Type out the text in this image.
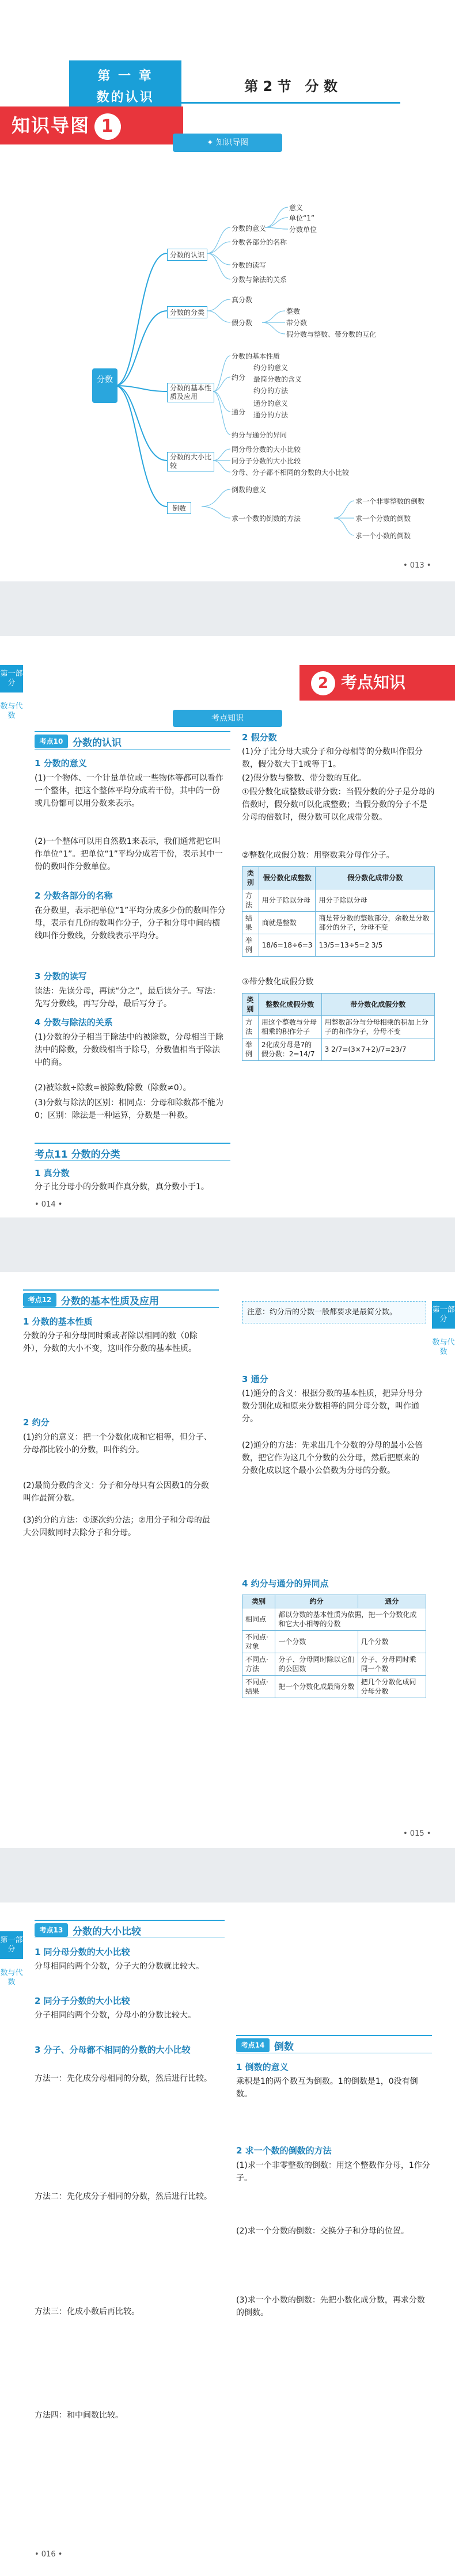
第 一 章
数的认识
第 2 节　分 数
知识导图 1
✦ 知识导图
分数
分数的认识
分数的意义
意义
单位“1”
分数单位
分数各部分的名称
分数的读写
分数与除法的关系
分数的分类
真分数
假分数
整数
带分数
假分数与整数、带分数的互化
分数的基本性质及应用
分数的基本性质
约分
约分的意义
最简分数的含义
约分的方法
通分
通分的意义
通分的方法
约分与通分的异同
分数的大小比较
同分母分数的大小比较
同分子分数的大小比较
分母、分子都不相同的分数的大小比较
倒数
倒数的意义
求一个数的倒数的方法
求一个非零整数的倒数
求一个分数的倒数
求一个小数的倒数
• 013 •
第一部分
数与代数
2 考点知识
考点知识
考点10 分数的认识
1 分数的意义
(1)一个物体、一个计量单位或一些物体等都可以看作一个整体，把这个整体平均分成若干份，其中的一份或几份都可以用分数来表示。
(2)一个整体可以用自然数1来表示，我们通常把它叫作单位“1”。把单位“1”平均分成若干份，表示其中一份的数叫作分数单位。
2 分数各部分的名称
在分数里，表示把单位“1”平均分成多少份的数叫作分母，表示有几份的数叫作分子，分子和分母中间的横线叫作分数线，分数线表示平均分。
3 分数的读写
读法：先读分母，再读“分之”，最后读分子。写法：先写分数线，再写分母，最后写分子。
4 分数与除法的关系
(1)分数的分子相当于除法中的被除数，分母相当于除法中的除数，分数线相当于除号，分数值相当于除法中的商。
(2)被除数÷除数=被除数/除数（除数≠0）。
(3)分数与除法的区别：相同点：分母和除数都不能为0；区别：除法是一种运算，分数是一种数。
考点11 分数的分类
1 真分数
分子比分母小的分数叫作真分数，真分数小于1。
2 假分数
(1)分子比分母大或分子和分母相等的分数叫作假分数，假分数大于1或等于1。
(2)假分数与整数、带分数的互化。
①假分数化成整数或带分数：当假分数的分子是分母的倍数时，假分数可以化成整数；当假分数的分子不是分母的倍数时，假分数可以化成带分数。
②整数化成假分数：用整数乘分母作分子。
类别	假分数化成整数	假分数化成带分数
方法	用分子除以分母	用分子除以分母
结果	商就是整数	商是带分数的整数部分，余数是分数部分的分子，分母不变
举例	18/6=18÷6=3	13/5=13÷5=2 3/5
③带分数化成假分数
类别	整数化成假分数	带分数化成假分数
方法	用这个整数与分母相乘的积作分子	用整数部分与分母相乘的积加上分子的和作分子，分母不变
举例	2化成分母是7的假分数：2=14/7	3 2/7=(3×7+2)/7=23/7
• 014 •
第一部分
数与代数
考点12 分数的基本性质及应用
1 分数的基本性质
分数的分子和分母同时乘或者除以相同的数（0除外），分数的大小不变，这叫作分数的基本性质。
2 约分
(1)约分的意义：把一个分数化成和它相等，但分子、分母都比较小的分数，叫作约分。
(2)最简分数的含义：分子和分母只有公因数1的分数叫作最简分数。
(3)约分的方法：①逐次约分法；②用分子和分母的最大公因数同时去除分子和分母。
注意：约分后的分数一般都要求是最简分数。
3 通分
(1)通分的含义：根据分数的基本性质，把异分母分数分别化成和原来分数相等的同分母分数，叫作通分。
(2)通分的方法：先求出几个分数的分母的最小公倍数，把它作为这几个分数的公分母，然后把原来的分数化成以这个最小公倍数为分母的分数。
4 约分与通分的异同点
类别	约分	通分
相同点	都以分数的基本性质为依据，把一个分数化成和它大小相等的分数	
不同点·对象	一个分数	几个分数
不同点·方法	分子、分母同时除以它们的公因数	分子、分母同时乘同一个数
不同点·结果	把一个分数化成最简分数	把几个分数化成同分母分数
• 015 •
第一部分
数与代数
考点13 分数的大小比较
1 同分母分数的大小比较
分母相同的两个分数，分子大的分数就比较大。
2 同分子分数的大小比较
分子相同的两个分数，分母小的分数比较大。
3 分子、分母都不相同的分数的大小比较
方法一：先化成分母相同的分数，然后进行比较。
方法二：先化成分子相同的分数，然后进行比较。
方法三：化成小数后再比较。
方法四：和中间数比较。
考点14 倒数
1 倒数的意义
乘积是1的两个数互为倒数。1的倒数是1，0没有倒数。
2 求一个数的倒数的方法
(1)求一个非零整数的倒数：用这个整数作分母，1作分子。
(2)求一个分数的倒数：交换分子和分母的位置。
(3)求一个小数的倒数：先把小数化成分数，再求分数的倒数。
• 016 •
